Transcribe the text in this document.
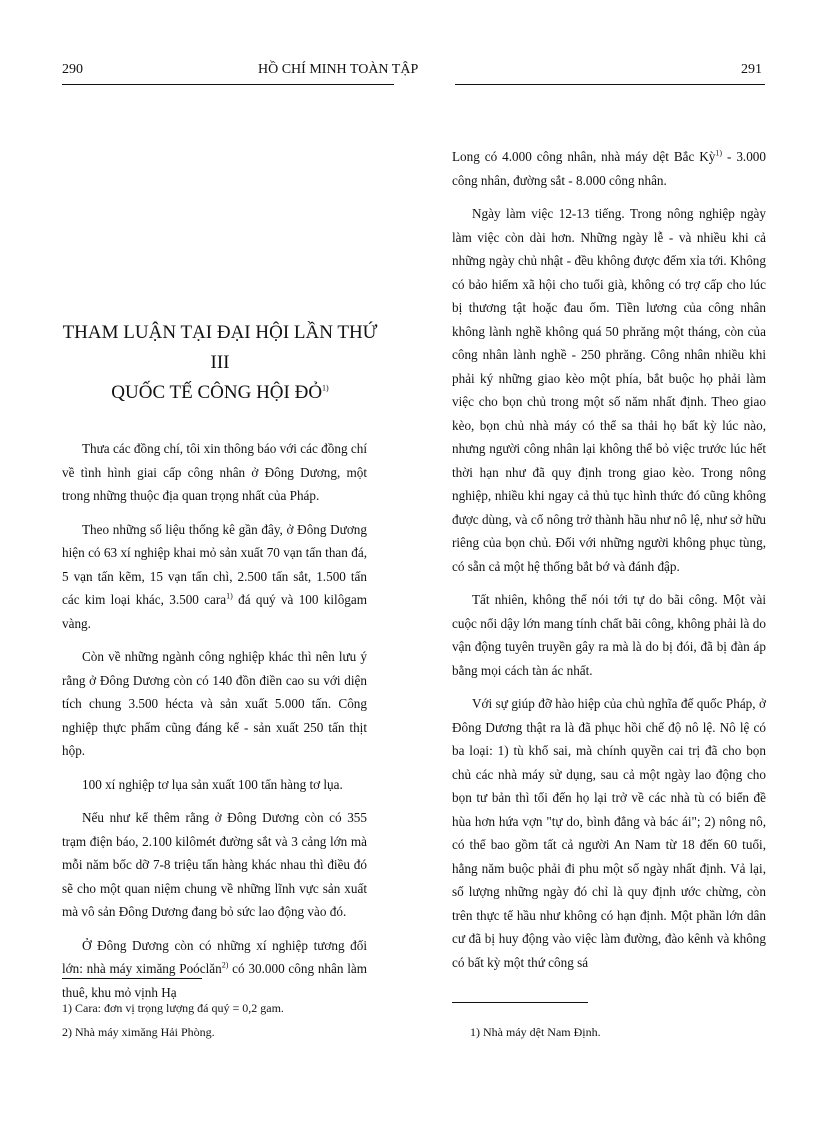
290	HỒ CHÍ MINH TOÀN TẬP	291
THAM LUẬN TẠI ĐẠI HỘI LẦN THỨ III
QUỐC TẾ CÔNG HỘI ĐỎ$^{1)}$

Thưa các đồng chí, tôi xin thông báo với các đồng chí về tình hình giai cấp công nhân ở Đông Dương, một trong những thuộc địa quan trọng nhất của Pháp.

Theo những số liệu thống kê gần đây, ở Đông Dương hiện có 63 xí nghiệp khai mỏ sản xuất 70 vạn tấn than đá, 5 vạn tấn kẽm, 15 vạn tấn chì, 2.500 tấn sắt, 1.500 tấn các kim loại khác, 3.500 cara$^{1)}$ đá quý và 100 kilôgam vàng.

Còn về những ngành công nghiệp khác thì nên lưu ý rằng ở Đông Dương còn có 140 đồn điền cao su với diện tích chung 3.500 hécta và sản xuất 5.000 tấn. Công nghiệp thực phẩm cũng đáng kể - sản xuất 250 tấn thịt hộp.

100 xí nghiệp tơ lụa sản xuất 100 tấn hàng tơ lụa.

Nếu như kể thêm rằng ở Đông Dương còn có 355 trạm điện báo, 2.100 kilômét đường sắt và 3 cảng lớn mà mỗi năm bốc dỡ 7-8 triệu tấn hàng khác nhau thì điều đó sẽ cho một quan niệm chung về những lĩnh vực sản xuất mà vô sản Đông Dương đang bỏ sức lao động vào đó.

Ở Đông Dương còn có những xí nghiệp tương đối lớn: nhà máy ximăng Poóclăn$^{2)}$ có 30.000 công nhân làm thuê, khu mỏ vịnh Hạ

1) Cara: đơn vị trọng lượng đá quý = 0,2 gam.
2) Nhà máy ximăng Hải Phòng.

Long có 4.000 công nhân, nhà máy dệt Bắc Kỳ$^{1)}$ - 3.000 công nhân, đường sắt - 8.000 công nhân.

Ngày làm việc 12-13 tiếng. Trong nông nghiệp ngày làm việc còn dài hơn. Những ngày lễ - và nhiều khi cả những ngày chủ nhật - đều không được đếm xỉa tới. Không có bảo hiểm xã hội cho tuổi già, không có trợ cấp cho lúc bị thương tật hoặc đau ốm. Tiền lương của công nhân không lành nghề không quá 50 phrăng một tháng, còn của công nhân lành nghề - 250 phrăng. Công nhân nhiều khi phải ký những giao kèo một phía, bắt buộc họ phải làm việc cho bọn chủ trong một số năm nhất định. Theo giao kèo, bọn chủ nhà máy có thể sa thải họ bất kỳ lúc nào, nhưng người công nhân lại không thể bỏ việc trước lúc hết thời hạn như đã quy định trong giao kèo. Trong nông nghiệp, nhiều khi ngay cả thủ tục hình thức đó cũng không được dùng, và cố nông trở thành hầu như nô lệ, như sở hữu riêng của bọn chủ. Đối với những người không phục tùng, có sẵn cả một hệ thống bắt bớ và đánh đập.

Tất nhiên, không thể nói tới tự do bãi công. Một vài cuộc nổi dậy lớn mang tính chất bãi công, không phải là do vận động tuyên truyền gây ra mà là do bị đói, đã bị đàn áp bằng mọi cách tàn ác nhất.

Với sự giúp đỡ hào hiệp của chủ nghĩa đế quốc Pháp, ở Đông Dương thật ra là đã phục hồi chế độ nô lệ. Nô lệ có ba loại: 1) tù khổ sai, mà chính quyền cai trị đã cho bọn chủ các nhà máy sử dụng, sau cả một ngày lao động cho bọn tư bản thì tối đến họ lại trở về các nhà tù có biển đề hùa hơn hứa vợn "tự do, bình đẳng và bác ái"; 2) nông nô, có thể bao gồm tất cả người An Nam từ 18 đến 60 tuổi, hằng năm buộc phải đi phu một số ngày nhất định. Vả lại, số lượng những ngày đó chỉ là quy định ước chừng, còn trên thực tế hầu như không có hạn định. Một phần lớn dân cư đã bị huy động vào việc làm đường, đào kênh và không có bất kỳ một thứ công sá

1) Nhà máy dệt Nam Định.
